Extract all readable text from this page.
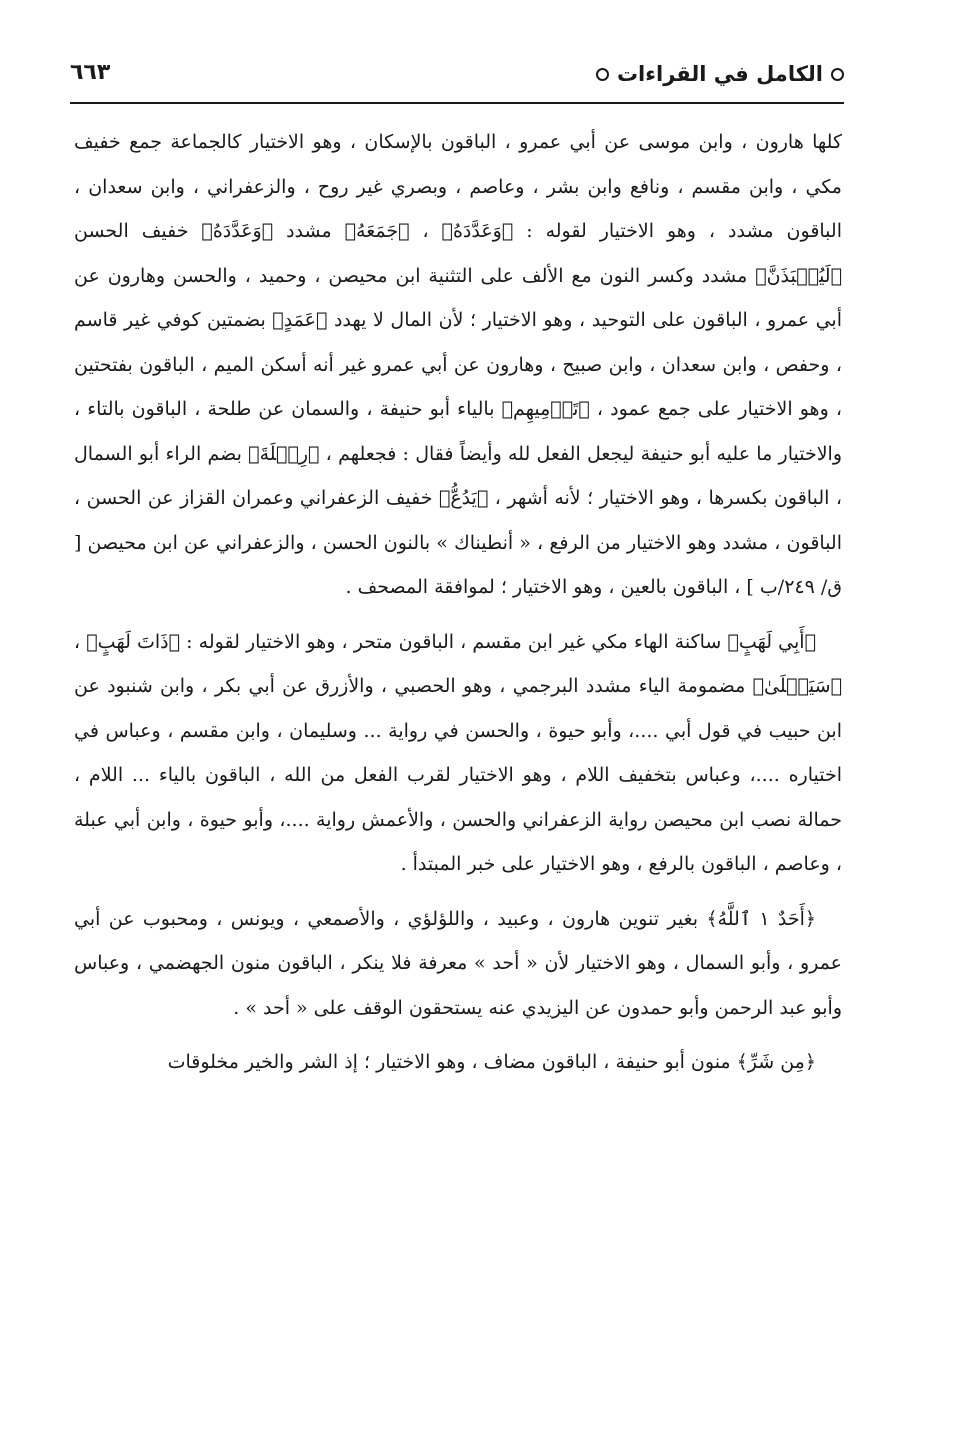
الكامل في القراءات
٦٦٣

كلها هارون ، وابن موسى عن أبي عمرو ، الباقون بالإسكان ، وهو الاختيار كالجماعة جمع خفيف مكي ، وابن مقسم ، ونافع وابن بشر ، وعاصم ، وبصري غير روح ، والزعفراني ، وابن سعدان ، الباقون مشدد ، وهو الاختيار لقوله : ﴿وَعَدَّدَهُ﴾ ، ﴿جَمَعَهُ﴾ مشدد ﴿وَعَدَّدَهُ﴾ خفيف الحسن ﴿لَيُنۢبَذَنَّ﴾ مشدد وكسر النون مع الألف على التثنية ابن محيصن ، وحميد ، والحسن وهارون عن أبي عمرو ، الباقون على التوحيد ، وهو الاختيار ؛ لأن المال لا يهدد ﴿عَمَدٍ﴾ بضمتين كوفي غير قاسم ، وحفص ، وابن سعدان ، وابن صبيح ، وهارون عن أبي عمرو غير أنه أسكن الميم ، الباقون بفتحتين ، وهو الاختيار على جمع عمود ، ﴿تَرۡمِيهِم﴾ بالياء أبو حنيفة ، والسمان عن طلحة ، الباقون بالتاء ، والاختيار ما عليه أبو حنيفة ليجعل الفعل لله وأيضاً فقال : فجعلهم ، ﴿رِحۡلَةَ﴾ بضم الراء أبو السمال ، الباقون بكسرها ، وهو الاختيار ؛ لأنه أشهر ، ﴿يَدُعُّ﴾ خفيف الزعفراني وعمران القزاز عن الحسن ، الباقون ، مشدد وهو الاختيار من الرفع ، « أنطيناك » بالنون الحسن ، والزعفراني عن ابن محيصن [ ق/ ٢٤٩/ب ] ، الباقون بالعين ، وهو الاختيار ؛ لموافقة المصحف .

﴿أَبِي لَهَبٍ﴾ ساكنة الهاء مكي غير ابن مقسم ، الباقون متحر ، وهو الاختيار لقوله : ﴿ذَاتَ لَهَبٍ﴾ ، ﴿سَيَصۡلَىٰ﴾ مضمومة الياء مشدد البرجمي ، وهو الحصبي ، والأزرق عن أبي بكر ، وابن شنبود عن ابن حبيب في قول أبي ....، وأبو حيوة ، والحسن في رواية ... وسليمان ، وابن مقسم ، وعباس في اختياره ....، وعباس بتخفيف اللام ، وهو الاختيار لقرب الفعل من الله ، الباقون بالياء ... اللام ، حمالة نصب ابن محيصن رواية الزعفراني والحسن ، والأعمش رواية ....، وأبو حيوة ، وابن أبي عبلة ، وعاصم ، الباقون بالرفع ، وهو الاختيار على خبر المبتدأ .

﴿أَحَدٌ ١ ٱللَّهُ﴾ بغير تنوين هارون ، وعبيد ، واللؤلؤي ، والأصمعي ، ويونس ، ومحبوب عن أبي عمرو ، وأبو السمال ، وهو الاختيار لأن « أحد » معرفة فلا ينكر ، الباقون منون الجهضمي ، وعباس وأبو عبد الرحمن وأبو حمدون عن اليزيدي عنه يستحقون الوقف على « أحد » .

﴿مِن شَرِّ﴾ منون أبو حنيفة ، الباقون مضاف ، وهو الاختيار ؛ إذ الشر والخير مخلوقات
